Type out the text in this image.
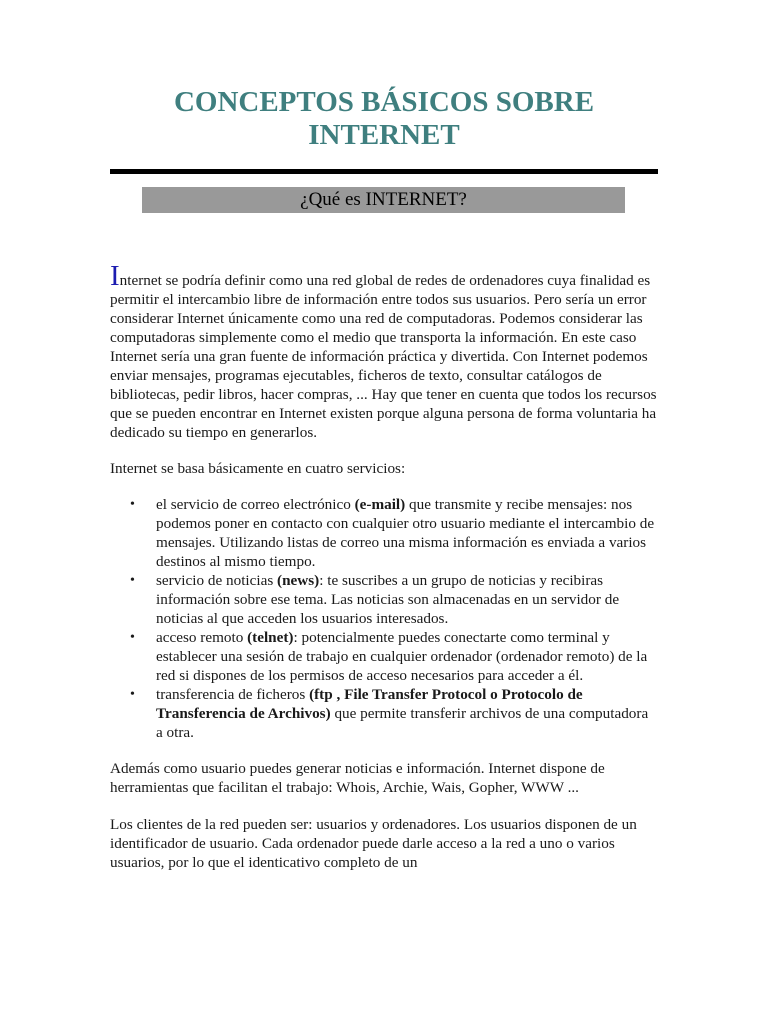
CONCEPTOS BÁSICOS SOBRE INTERNET
¿Qué es INTERNET?

Internet se podría definir como una red global de redes de ordenadores cuya finalidad es permitir el intercambio libre de información entre todos sus usuarios. Pero sería un error considerar Internet únicamente como una red de computadoras. Podemos considerar las computadoras simplemente como el medio que transporta la información. En este caso Internet sería una gran fuente de información práctica y divertida. Con Internet podemos enviar mensajes, programas ejecutables, ficheros de texto, consultar catálogos de bibliotecas, pedir libros, hacer compras, ... Hay que tener en cuenta que todos los recursos que se pueden encontrar en Internet existen porque alguna persona de forma voluntaria ha dedicado su tiempo en generarlos.

Internet se basa básicamente en cuatro servicios:

• el servicio de correo electrónico (e-mail) que transmite y recibe mensajes: nos podemos poner en contacto con cualquier otro usuario mediante el intercambio de mensajes. Utilizando listas de correo una misma información es enviada a varios destinos al mismo tiempo.
• servicio de noticias (news): te suscribes a un grupo de noticias y recibiras información sobre ese tema. Las noticias son almacenadas en un servidor de noticias al que acceden los usuarios interesados.
• acceso remoto (telnet): potencialmente puedes conectarte como terminal y establecer una sesión de trabajo en cualquier ordenador (ordenador remoto) de la red si dispones de los permisos de acceso necesarios para acceder a él.
• transferencia de ficheros (ftp , File Transfer Protocol o Protocolo de Transferencia de Archivos) que permite transferir archivos de una computadora a otra.

Además como usuario puedes generar noticias e información. Internet dispone de herramientas que facilitan el trabajo: Whois, Archie, Wais, Gopher, WWW ...

Los clientes de la red pueden ser: usuarios y ordenadores. Los usuarios disponen de un identificador de usuario. Cada ordenador puede darle acceso a la red a uno o varios usuarios, por lo que el identicativo completo de un
